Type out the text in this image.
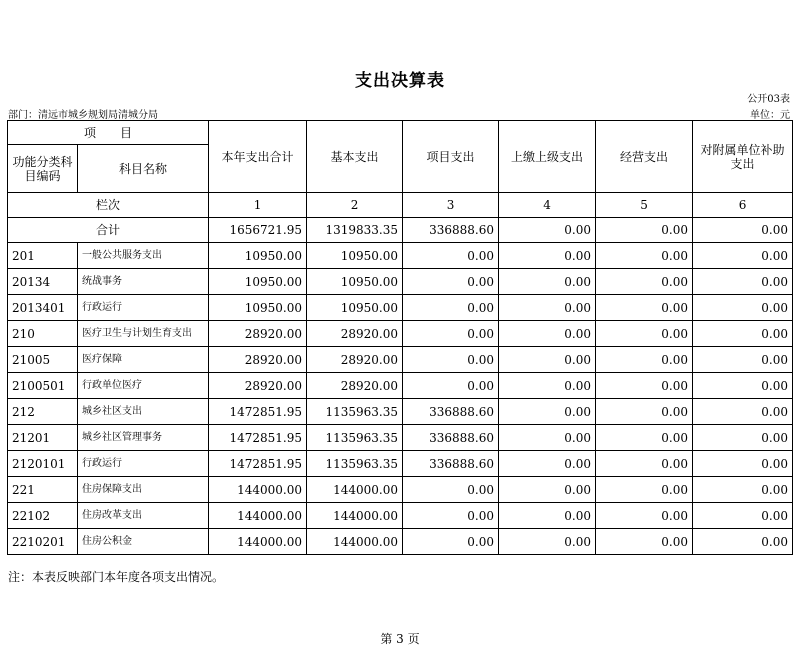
支出决算表
公开03表
部门：清远市城乡规划局清城分局	单位：元
项　　目		本年支出合计	基本支出	项目支出	上缴上级支出	经营支出	对附属单位补助支出
功能分类科目编码	科目名称						
栏次		1	2	3	4	5	6
合计		1656721.95	1319833.35	336888.60	0.00	0.00	0.00
201	一般公共服务支出	10950.00	10950.00	0.00	0.00	0.00	0.00
20134	统战事务	10950.00	10950.00	0.00	0.00	0.00	0.00
2013401	行政运行	10950.00	10950.00	0.00	0.00	0.00	0.00
210	医疗卫生与计划生育支出	28920.00	28920.00	0.00	0.00	0.00	0.00
21005	医疗保障	28920.00	28920.00	0.00	0.00	0.00	0.00
2100501	行政单位医疗	28920.00	28920.00	0.00	0.00	0.00	0.00
212	城乡社区支出	1472851.95	1135963.35	336888.60	0.00	0.00	0.00
21201	城乡社区管理事务	1472851.95	1135963.35	336888.60	0.00	0.00	0.00
2120101	行政运行	1472851.95	1135963.35	336888.60	0.00	0.00	0.00
221	住房保障支出	144000.00	144000.00	0.00	0.00	0.00	0.00
22102	住房改革支出	144000.00	144000.00	0.00	0.00	0.00	0.00
2210201	住房公积金	144000.00	144000.00	0.00	0.00	0.00	0.00
注：本表反映部门本年度各项支出情况。
第 3 页
